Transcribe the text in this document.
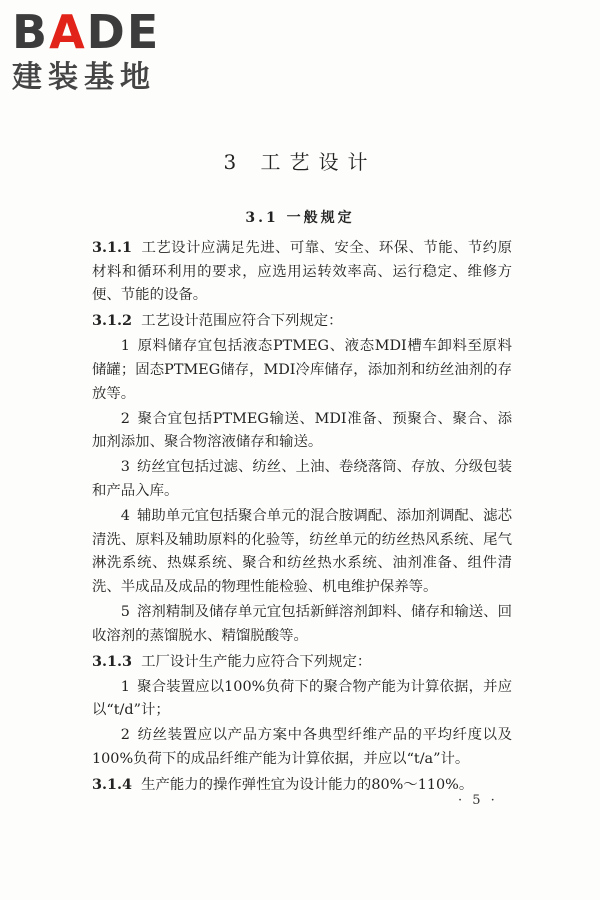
BADE
建装基地
3 工艺设计
3.1 一般规定

3.1.1 工艺设计应满足先进、可靠、安全、环保、节能、节约原材料和循环利用的要求，应选用运转效率高、运行稳定、维修方便、节能的设备。

3.1.2 工艺设计范围应符合下列规定：

1 原料储存宜包括液态PTMEG、液态MDI槽车卸料至原料储罐；固态PTMEG储存，MDI冷库储存，添加剂和纺丝油剂的存放等。

2 聚合宜包括PTMEG输送、MDI准备、预聚合、聚合、添加剂添加、聚合物溶液储存和输送。

3 纺丝宜包括过滤、纺丝、上油、卷绕落筒、存放、分级包装和产品入库。

4 辅助单元宜包括聚合单元的混合胺调配、添加剂调配、滤芯清洗、原料及辅助原料的化验等，纺丝单元的纺丝热风系统、尾气淋洗系统、热媒系统、聚合和纺丝热水系统、油剂准备、组件清洗、半成品及成品的物理性能检验、机电维护保养等。

5 溶剂精制及储存单元宜包括新鲜溶剂卸料、储存和输送、回收溶剂的蒸馏脱水、精馏脱酸等。

3.1.3 工厂设计生产能力应符合下列规定：

1 聚合装置应以100%负荷下的聚合物产能为计算依据，并应以“t/d”计；

2 纺丝装置应以产品方案中各典型纤维产品的平均纤度以及100%负荷下的成品纤维产能为计算依据，并应以“t/a”计。

3.1.4 生产能力的操作弹性宜为设计能力的80%～110%。

· 5 ·
